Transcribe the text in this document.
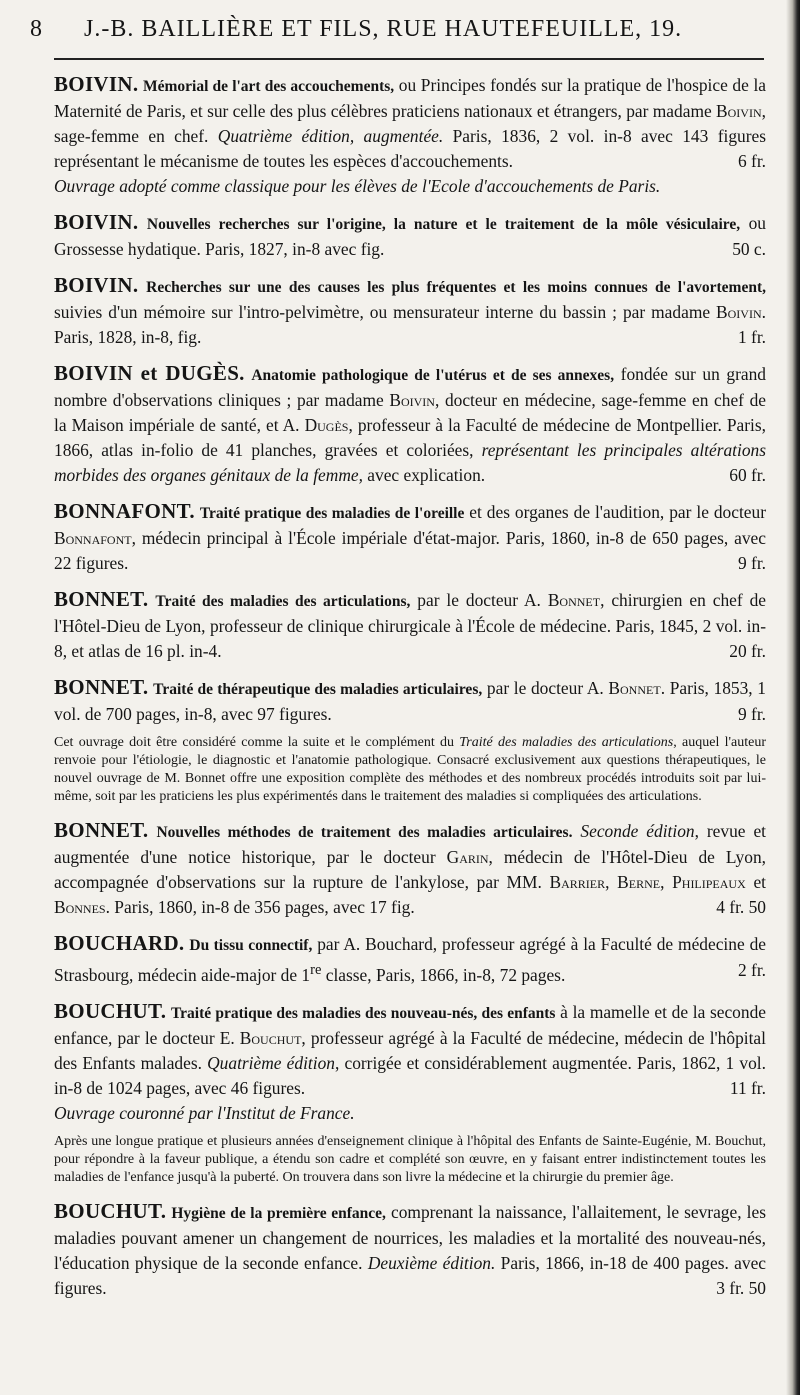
8 J.-B. BAILLIÈRE ET FILS, RUE HAUTEFEUILLE, 19.

BOIVIN. Mémorial de l'art des accouchements, ou Principes fondés sur la pratique de l'hospice de la Maternité de Paris, et sur celle des plus célèbres praticiens nationaux et étrangers, par madame Boivin, sage-femme en chef. Quatrième édition, augmentée. Paris, 1836, 2 vol. in-8 avec 143 figures représentant le mécanisme de toutes les espèces d'accouchements.	6 fr.

Ouvrage adopté comme classique pour les élèves de l'Ecole d'accouchements de Paris.

BOIVIN. Nouvelles recherches sur l'origine, la nature et le traitement de la môle vésiculaire, ou Grossesse hydatique. Paris, 1827, in-8 avec fig.	50 c.

BOIVIN. Recherches sur une des causes les plus fréquentes et les moins connues de l'avortement, suivies d'un mémoire sur l'intro-pelvimètre, ou mensurateur interne du bassin ; par madame Boivin. Paris, 1828, in-8, fig.	1 fr.

BOIVIN et DUGÈS. Anatomie pathologique de l'utérus et de ses annexes, fondée sur un grand nombre d'observations cliniques ; par madame Boivin, docteur en médecine, sage-femme en chef de la Maison impériale de santé, et A. Dugès, professeur à la Faculté de médecine de Montpellier. Paris, 1866, atlas in-folio de 41 planches, gravées et coloriées, représentant les principales altérations morbides des organes génitaux de la femme, avec explication.	60 fr.

BONNAFONT. Traité pratique des maladies de l'oreille et des organes de l'audition, par le docteur Bonnafont, médecin principal à l'École impériale d'état-major. Paris, 1860, in-8 de 650 pages, avec 22 figures.	9 fr.

BONNET. Traité des maladies des articulations, par le docteur A. Bonnet, chirurgien en chef de l'Hôtel-Dieu de Lyon, professeur de clinique chirurgicale à l'École de médecine. Paris, 1845, 2 vol. in-8, et atlas de 16 pl. in-4.	20 fr.

BONNET. Traité de thérapeutique des maladies articulaires, par le docteur A. Bonnet. Paris, 1853, 1 vol. de 700 pages, in-8, avec 97 figures.	9 fr.

Cet ouvrage doit être considéré comme la suite et le complément du Traité des maladies des articulations, auquel l'auteur renvoie pour l'étiologie, le diagnostic et l'anatomie pathologique. Consacré exclusivement aux questions thérapeutiques, le nouvel ouvrage de M. Bonnet offre une exposition complète des méthodes et des nombreux procédés introduits soit par lui-même, soit par les praticiens les plus expérimentés dans le traitement des maladies si compliquées des articulations.

BONNET. Nouvelles méthodes de traitement des maladies articulaires. Seconde édition, revue et augmentée d'une notice historique, par le docteur Garin, médecin de l'Hôtel-Dieu de Lyon, accompagnée d'observations sur la rupture de l'ankylose, par MM. Barrier, Berne, Philipeaux et Bonnes. Paris, 1860, in-8 de 356 pages, avec 17 fig.	4 fr. 50

BOUCHARD. Du tissu connectif, par A. Bouchard, professeur agrégé à la Faculté de médecine de Strasbourg, médecin aide-major de 1re classe, Paris, 1866, in-8, 72 pages.	2 fr.

BOUCHUT. Traité pratique des maladies des nouveau-nés, des enfants à la mamelle et de la seconde enfance, par le docteur E. Bouchut, professeur agrégé à la Faculté de médecine, médecin de l'hôpital des Enfants malades. Quatrième édition, corrigée et considérablement augmentée. Paris, 1862, 1 vol. in-8 de 1024 pages, avec 46 figures.	11 fr.

Ouvrage couronné par l'Institut de France.

Après une longue pratique et plusieurs années d'enseignement clinique à l'hôpital des Enfants de Sainte-Eugénie, M. Bouchut, pour répondre à la faveur publique, a étendu son cadre et complété son œuvre, en y faisant entrer indistinctement toutes les maladies de l'enfance jusqu'à la puberté. On trouvera dans son livre la médecine et la chirurgie du premier âge.

BOUCHUT. Hygiène de la première enfance, comprenant la naissance, l'allaitement, le sevrage, les maladies pouvant amener un changement de nourrices, les maladies et la mortalité des nouveau-nés, l'éducation physique de la seconde enfance. Deuxième édition. Paris, 1866, in-18 de 400 pages. avec figures.	3 fr. 50
